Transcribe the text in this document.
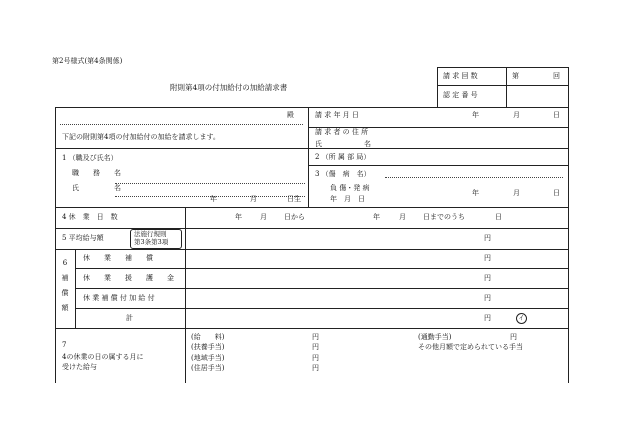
第2号様式(第4条関係)
附則第4項の付加給付の加給請求書
請 求 回 数	第	回
認 定 番 号
殿
下記の附則第4項の付加給付の加給を請求します。
請 求 年 月 日	年	月	日
請 求 者 の 住 所
氏　　　　　　名
1 （職及び氏名）
職　　務　　名
氏　　　　　名
年	月	日生
2 （所 属 部 局）
3 （傷　病　名）
負 傷・発 病
年　月　日
年	月	日
4 休　業　日　数	年	月 日から	年	月 日までのうち	日
5 平均給与額	法施行規則
第3条第3項	円
6
補
償
額
休　　業　　補　　償	円
休　　業　　援　　護　　金	円
休 業 補 償 付 加 給 付	円
計	円	イ
7
4の休業の日の属する月に
受けた給与
(給　　料)	円
(扶養手当)	円
(地域手当)	円
(住居手当)	円
(通勤手当)	円
その他月額で定められている手当
